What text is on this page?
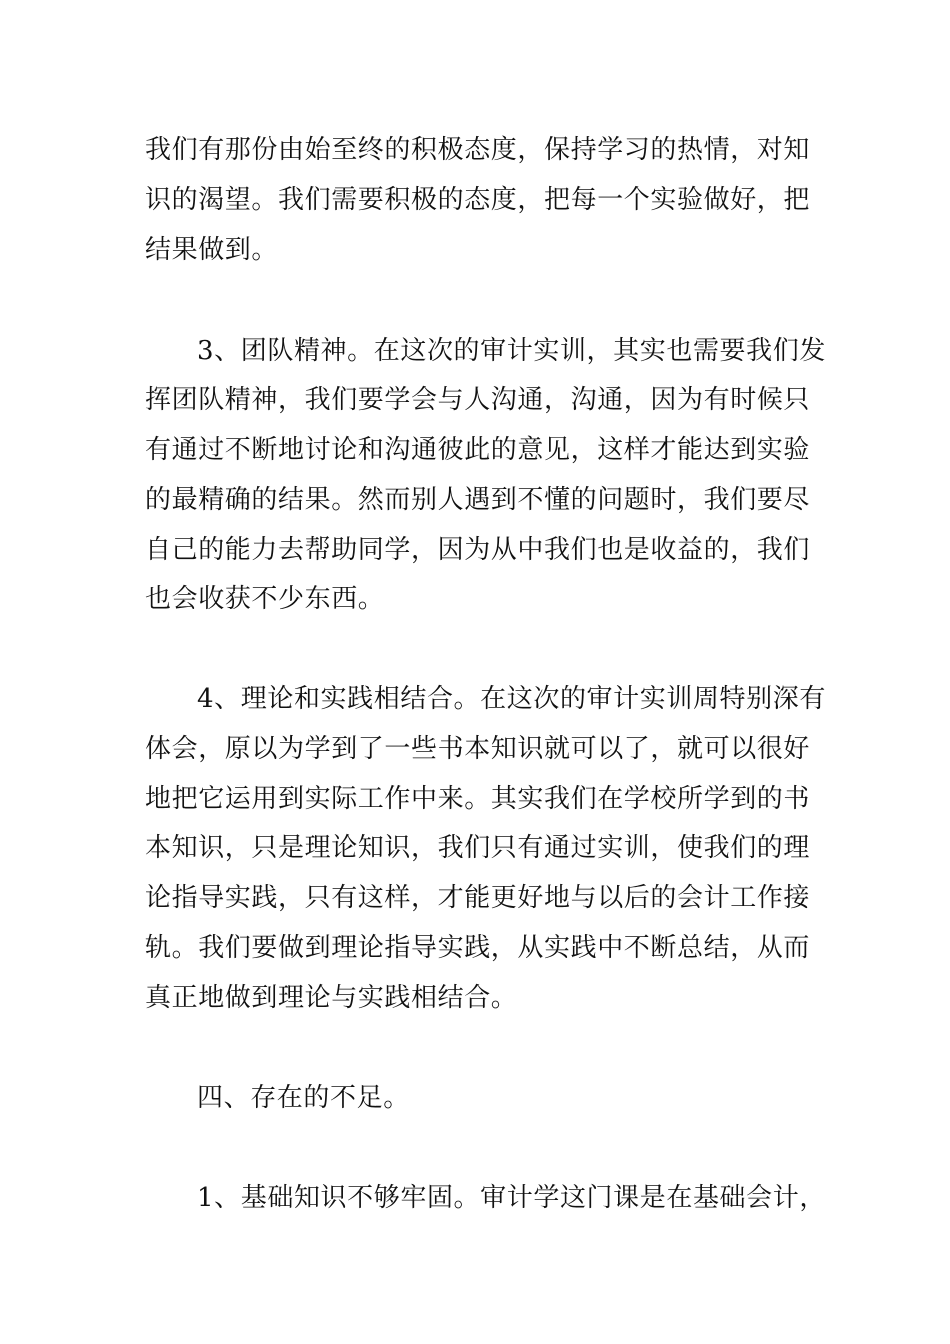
我们有那份由始至终的积极态度，保持学习的热情，对知

识的渴望。我们需要积极的态度，把每一个实验做好，把

结果做到。

3、团队精神。在这次的审计实训，其实也需要我们发

挥团队精神，我们要学会与人沟通，沟通，因为有时候只

有通过不断地讨论和沟通彼此的意见，这样才能达到实验

的最精确的结果。然而别人遇到不懂的问题时，我们要尽

自己的能力去帮助同学，因为从中我们也是收益的，我们

也会收获不少东西。

4、理论和实践相结合。在这次的审计实训周特别深有

体会，原以为学到了一些书本知识就可以了，就可以很好

地把它运用到实际工作中来。其实我们在学校所学到的书

本知识，只是理论知识，我们只有通过实训，使我们的理

论指导实践，只有这样，才能更好地与以后的会计工作接

轨。我们要做到理论指导实践，从实践中不断总结，从而

真正地做到理论与实践相结合。

四、存在的不足。

1、基础知识不够牢固。审计学这门课是在基础会计，
